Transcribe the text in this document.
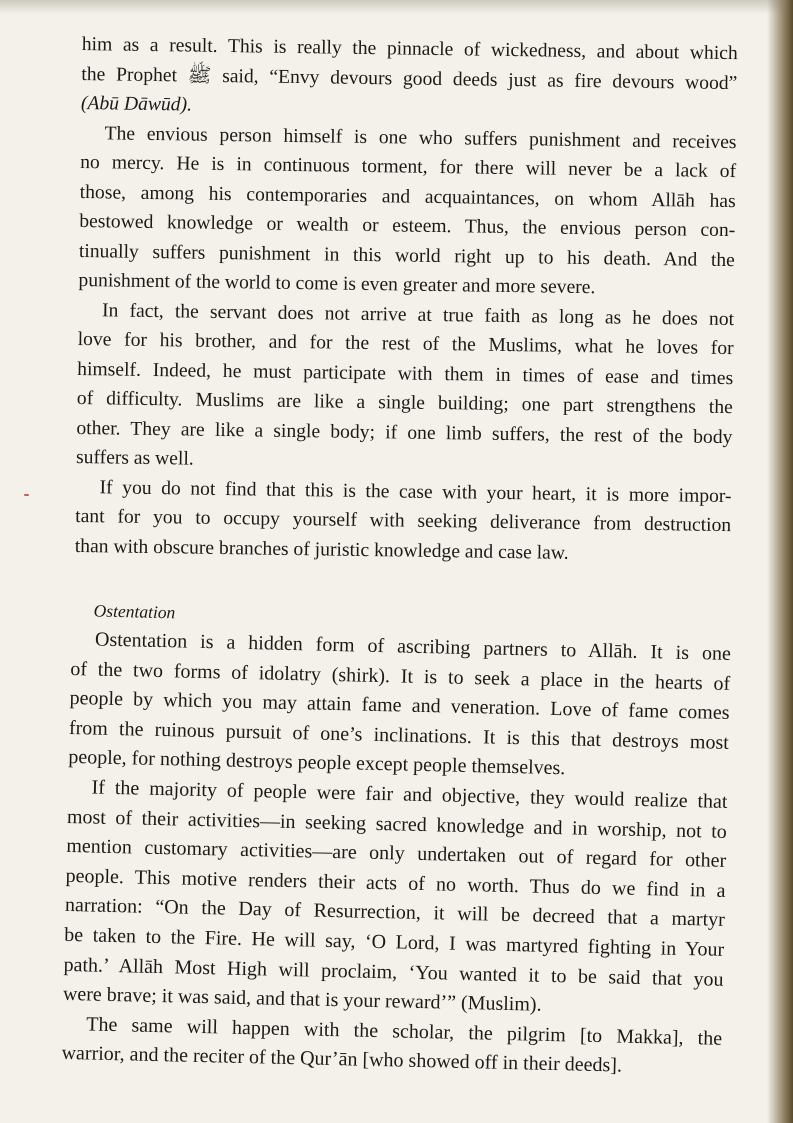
him as a result. This is really the pinnacle of wickedness, and about which
the Prophet ﷺ said, “Envy devours good deeds just as fire devours wood”
(Abū Dāwūd).
The envious person himself is one who suffers punishment and receives
no mercy. He is in continuous torment, for there will never be a lack of
those, among his contemporaries and acquaintances, on whom Allāh has
bestowed knowledge or wealth or esteem. Thus, the envious person con-
tinually suffers punishment in this world right up to his death. And the
punishment of the world to come is even greater and more severe.
In fact, the servant does not arrive at true faith as long as he does not
love for his brother, and for the rest of the Muslims, what he loves for
himself. Indeed, he must participate with them in times of ease and times
of difficulty. Muslims are like a single building; one part strengthens the
other. They are like a single body; if one limb suffers, the rest of the body
suffers as well.
If you do not find that this is the case with your heart, it is more impor-
tant for you to occupy yourself with seeking deliverance from destruction
than with obscure branches of juristic knowledge and case law.
Ostentation
Ostentation is a hidden form of ascribing partners to Allāh. It is one
of the two forms of idolatry (shirk). It is to seek a place in the hearts of
people by which you may attain fame and veneration. Love of fame comes
from the ruinous pursuit of one’s inclinations. It is this that destroys most
people, for nothing destroys people except people themselves.
If the majority of people were fair and objective, they would realize that
most of their activities—in seeking sacred knowledge and in worship, not to
mention customary activities—are only undertaken out of regard for other
people. This motive renders their acts of no worth. Thus do we find in a
narration: “On the Day of Resurrection, it will be decreed that a martyr
be taken to the Fire. He will say, ‘O Lord, I was martyred fighting in Your
path.’ Allāh Most High will proclaim, ‘You wanted it to be said that you
were brave; it was said, and that is your reward’” (Muslim).
The same will happen with the scholar, the pilgrim [to Makka], the
warrior, and the reciter of the Qur’ān [who showed off in their deeds].
